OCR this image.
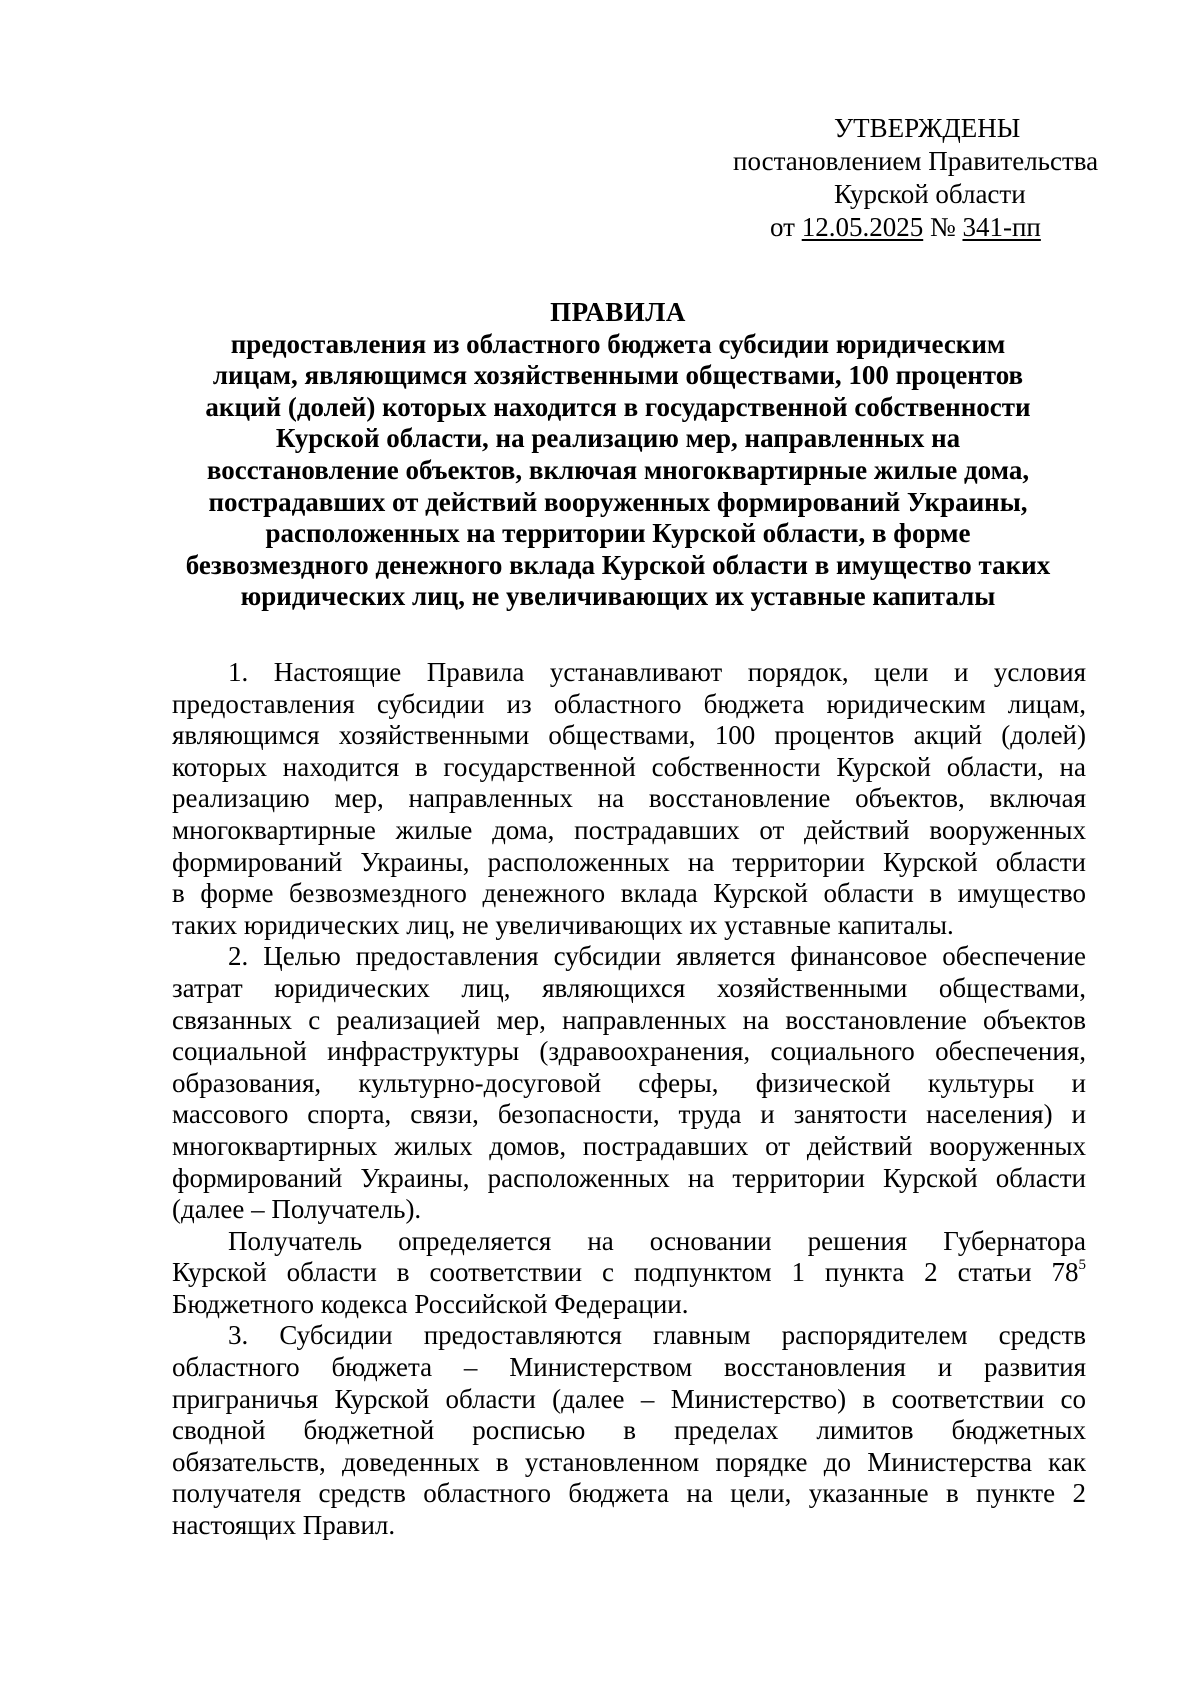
УТВЕРЖДЕНЫ
постановлением Правительства
Курской области
от 12.05.2025 № 341-пп
ПРАВИЛА
предоставления из областного бюджета субсидии юридическим
лицам, являющимся хозяйственными обществами, 100 процентов
акций (долей) которых находится в государственной собственности
Курской области, на реализацию мер, направленных на
восстановление объектов, включая многоквартирные жилые дома,
пострадавших от действий вооруженных формирований Украины,
расположенных на территории Курской области, в форме
безвозмездного денежного вклада Курской области в имущество таких
юридических лиц, не увеличивающих их уставные капиталы
1. Настоящие Правила устанавливают порядок, цели и условия
предоставления субсидии из областного бюджета юридическим лицам,
являющимся хозяйственными обществами, 100 процентов акций (долей)
которых находится в государственной собственности Курской области, на
реализацию мер, направленных на восстановление объектов, включая
многоквартирные жилые дома, пострадавших от действий вооруженных
формирований Украины, расположенных на территории Курской области
в форме безвозмездного денежного вклада Курской области в имущество
таких юридических лиц, не увеличивающих их уставные капиталы.
2. Целью предоставления субсидии является финансовое обеспечение
затрат юридических лиц, являющихся хозяйственными обществами,
связанных с реализацией мер, направленных на восстановление объектов
социальной инфраструктуры (здравоохранения, социального обеспечения,
образования, культурно-досуговой сферы, физической культуры и
массового спорта, связи, безопасности, труда и занятости населения) и
многоквартирных жилых домов, пострадавших от действий вооруженных
формирований Украины, расположенных на территории Курской области
(далее – Получатель).
Получатель определяется на основании решения Губернатора
Курской области в соответствии с подпунктом 1 пункта 2 статьи $78^5$
Бюджетного кодекса Российской Федерации.
3. Субсидии предоставляются главным распорядителем средств
областного бюджета – Министерством восстановления и развития
приграничья Курской области (далее – Министерство) в соответствии со
сводной бюджетной росписью в пределах лимитов бюджетных
обязательств, доведенных в установленном порядке до Министерства как
получателя средств областного бюджета на цели, указанные в пункте 2
настоящих Правил.
